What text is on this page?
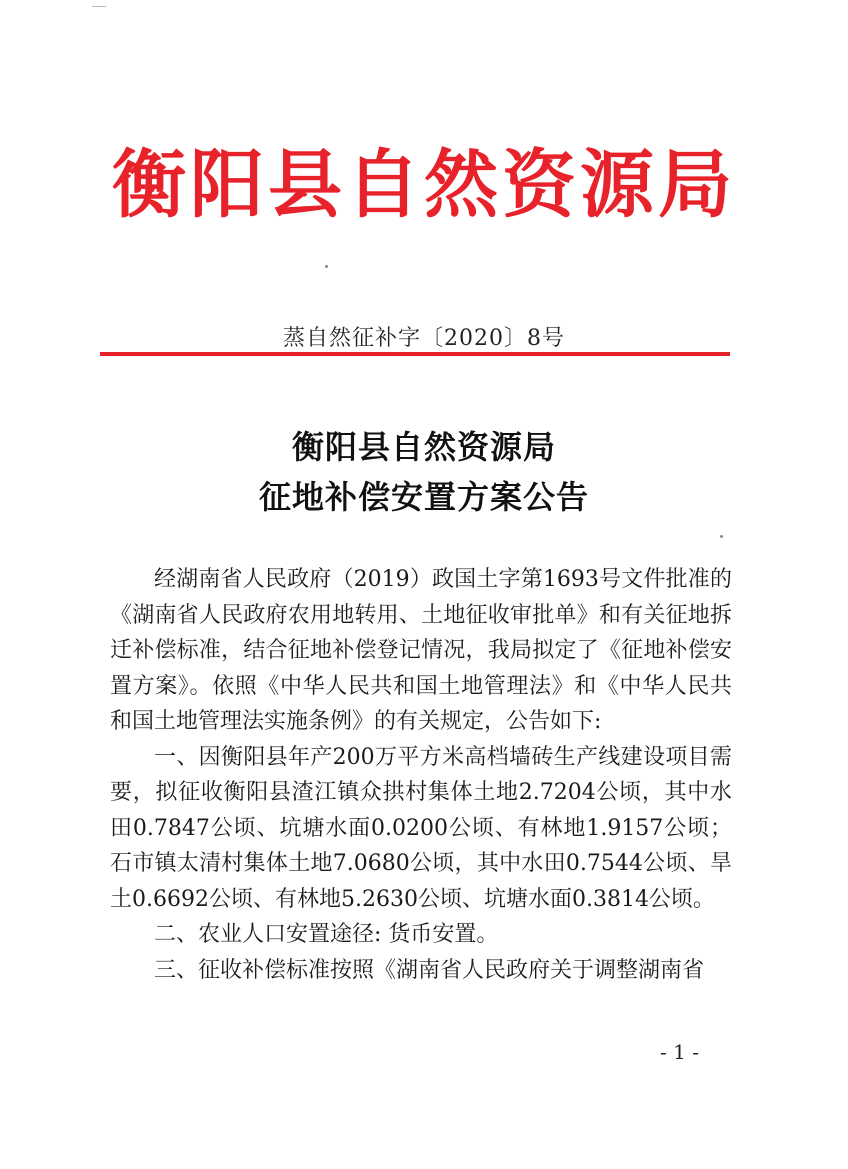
衡阳县自然资源局
蒸自然征补字〔2020〕8号
衡阳县自然资源局
征地补偿安置方案公告

经湖南省人民政府（2019）政国土字第1693号文件批准的《湖南省人民政府农用地转用、土地征收审批单》和有关征地拆迁补偿标准，结合征地补偿登记情况，我局拟定了《征地补偿安置方案》。依照《中华人民共和国土地管理法》和《中华人民共和国土地管理法实施条例》的有关规定，公告如下:

一、因衡阳县年产200万平方米高档墙砖生产线建设项目需要，拟征收衡阳县渣江镇众拱村集体土地2.7204公顷，其中水田0.7847公顷、坑塘水面0.0200公顷、有林地1.9157公顷；石市镇太清村集体土地7.0680公顷，其中水田0.7544公顷、旱土0.6692公顷、有林地5.2630公顷、坑塘水面0.3814公顷。

二、农业人口安置途径: 货币安置。

三、征收补偿标准按照《湖南省人民政府关于调整湖南省

- 1 -
